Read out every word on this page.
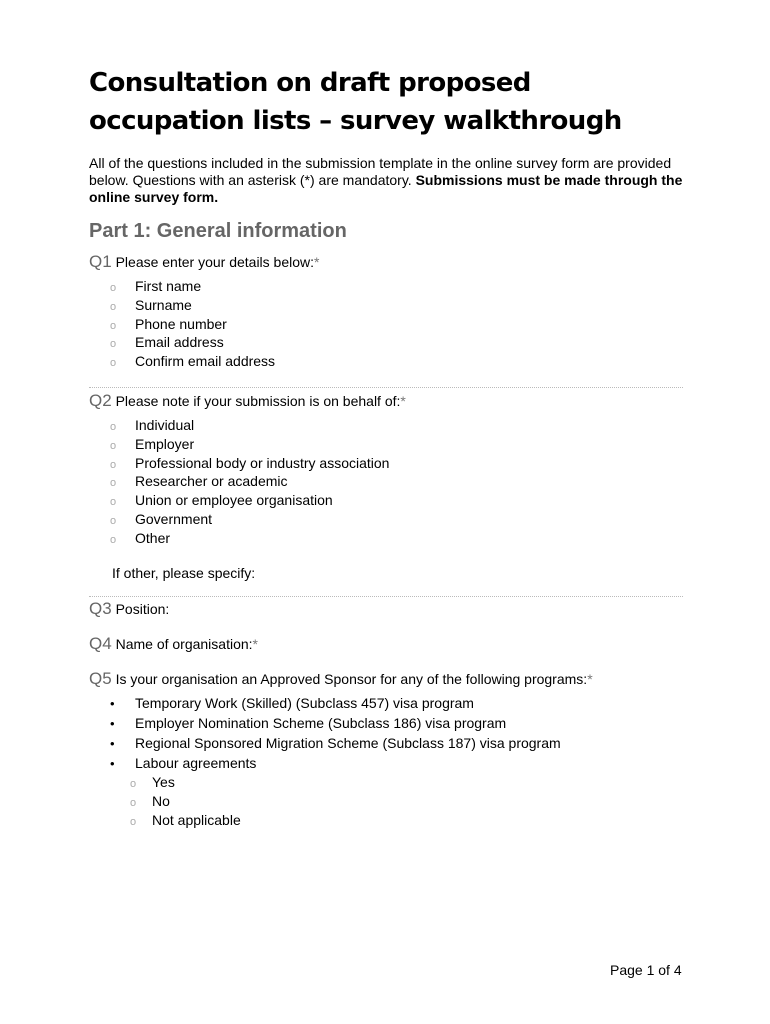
Consultation on draft proposed occupation lists – survey walkthrough

All of the questions included in the submission template in the online survey form are provided below. Questions with an asterisk (*) are mandatory. Submissions must be made through the online survey form.

Part 1: General information
Q1 Please enter your details below:*
o First name
o Surname
o Phone number
o Email address
o Confirm email address
Q2 Please note if your submission is on behalf of:*
o Individual
o Employer
o Professional body or industry association
o Researcher or academic
o Union or employee organisation
o Government
o Other
If other, please specify:
Q3 Position:
Q4 Name of organisation:*
Q5 Is your organisation an Approved Sponsor for any of the following programs:*
• Temporary Work (Skilled) (Subclass 457) visa program
• Employer Nomination Scheme (Subclass 186) visa program
• Regional Sponsored Migration Scheme (Subclass 187) visa program
• Labour agreements
o Yes
o No
o Not applicable
Page 1 of 4
